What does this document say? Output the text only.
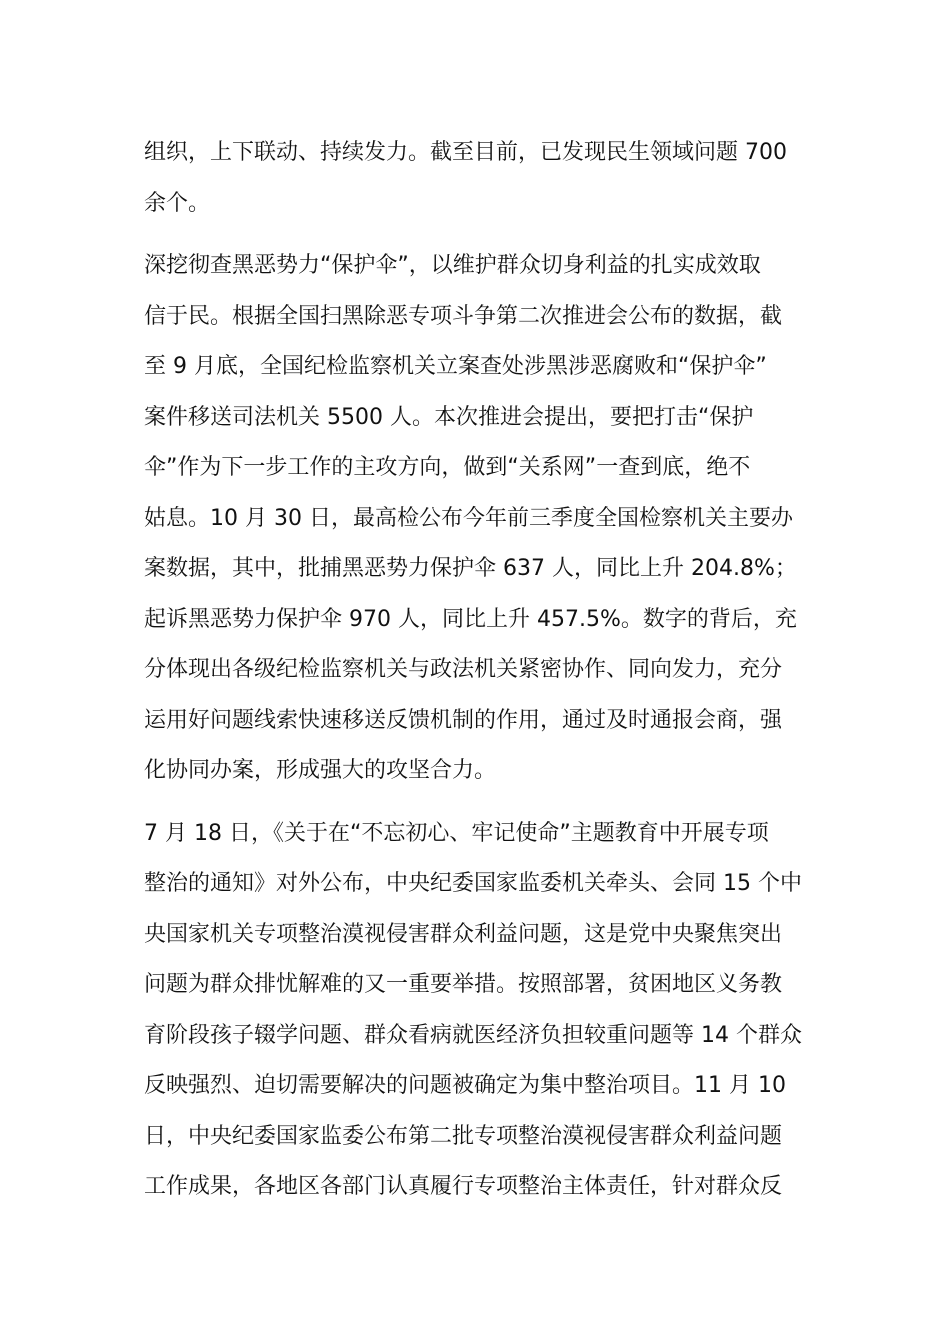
组织，上下联动、持续发力。截至目前，已发现民生领域问题 700
余个。
深挖彻查黑恶势力“保护伞”，以维护群众切身利益的扎实成效取
信于民。根据全国扫黑除恶专项斗争第二次推进会公布的数据，截
至 9 月底，全国纪检监察机关立案查处涉黑涉恶腐败和“保护伞”
案件移送司法机关 5500 人。本次推进会提出，要把打击“保护
伞”作为下一步工作的主攻方向，做到“关系网”一查到底，绝不
姑息。10 月 30 日，最高检公布今年前三季度全国检察机关主要办
案数据，其中，批捕黑恶势力保护伞 637 人，同比上升 204.8%；
起诉黑恶势力保护伞 970 人，同比上升 457.5%。数字的背后，充
分体现出各级纪检监察机关与政法机关紧密协作、同向发力，充分
运用好问题线索快速移送反馈机制的作用，通过及时通报会商，强
化协同办案，形成强大的攻坚合力。
7 月 18 日，《关于在“不忘初心、牢记使命”主题教育中开展专项
整治的通知》对外公布，中央纪委国家监委机关牵头、会同 15 个中
央国家机关专项整治漠视侵害群众利益问题，这是党中央聚焦突出
问题为群众排忧解难的又一重要举措。按照部署，贫困地区义务教
育阶段孩子辍学问题、群众看病就医经济负担较重问题等 14 个群众
反映强烈、迫切需要解决的问题被确定为集中整治项目。11 月 10
日，中央纪委国家监委公布第二批专项整治漠视侵害群众利益问题
工作成果，各地区各部门认真履行专项整治主体责任，针对群众反
